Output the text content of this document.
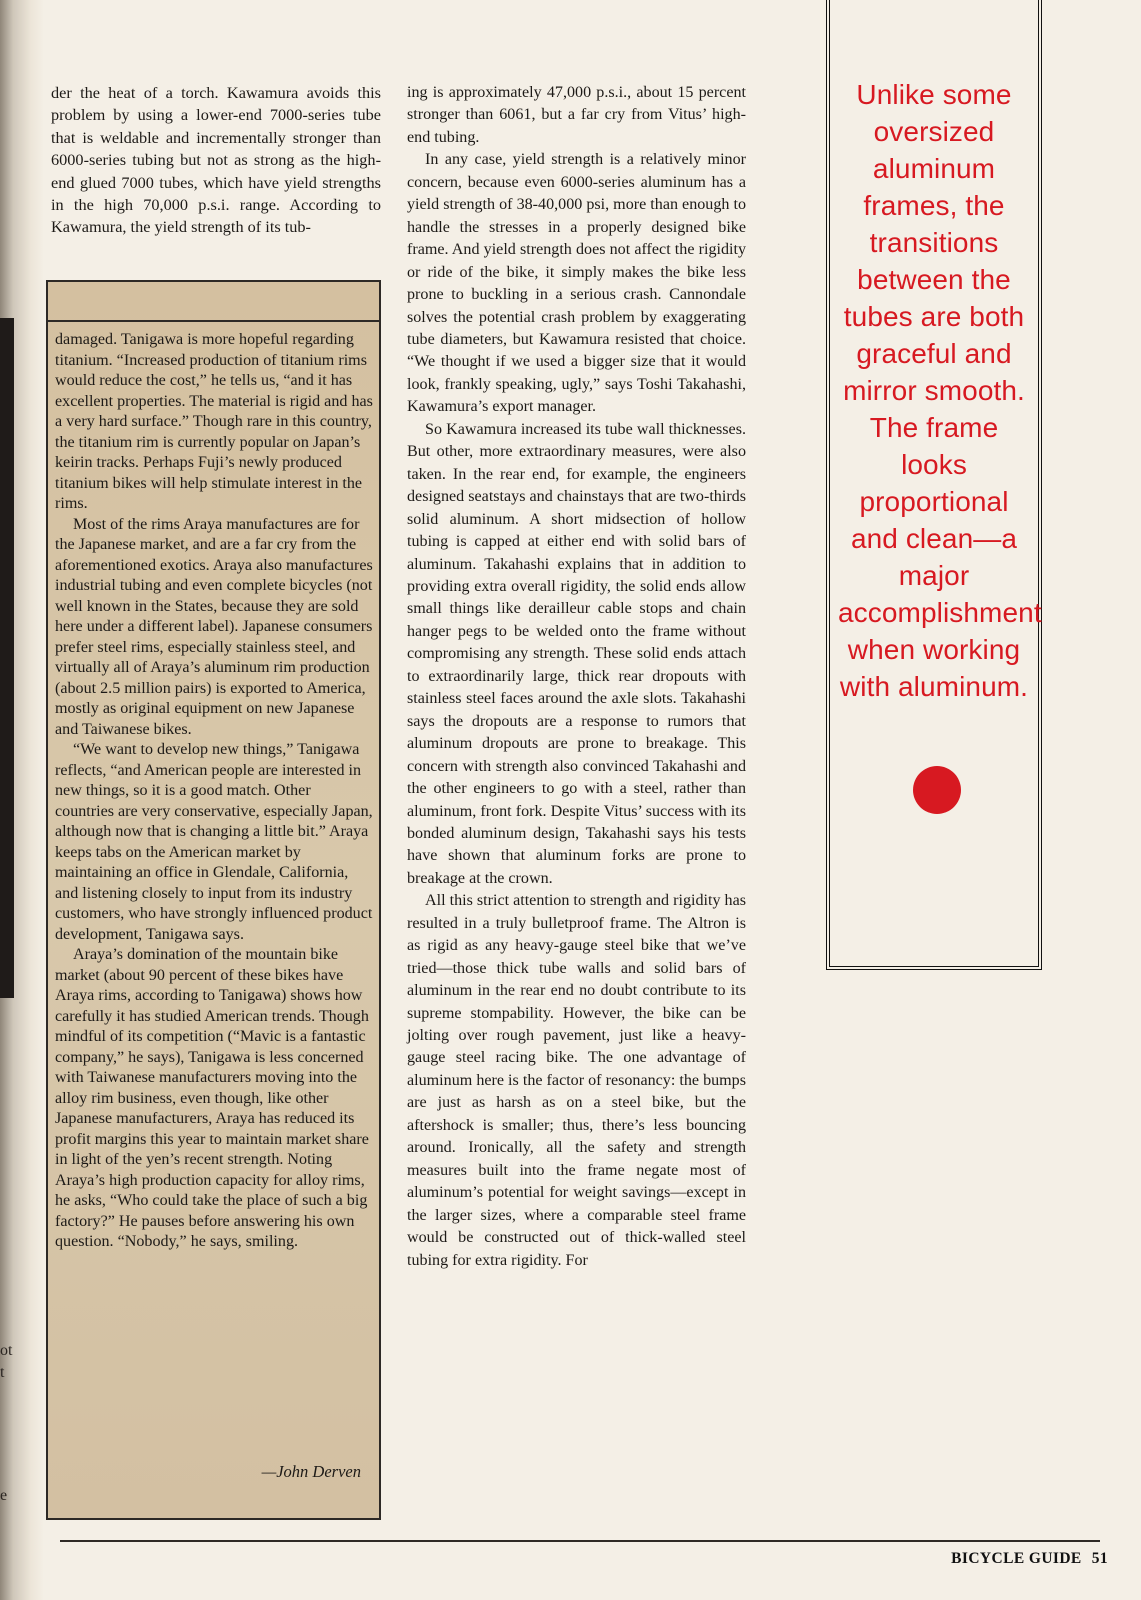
ot
t
e
der the heat of a torch. Kawamura avoids this problem by using a lower-end 7000-series tube that is weldable and incrementally stronger than 6000-series tubing but not as strong as the high-end glued 7000 tubes, which have yield strengths in the high 70,000 p.s.i. range. According to Kawamura, the yield strength of its tub-

damaged. Tanigawa is more hopeful regarding titanium. “Increased production of titanium rims would reduce the cost,” he tells us, “and it has excellent properties. The material is rigid and has a very hard surface.” Though rare in this country, the titanium rim is currently popular on Japan’s keirin tracks. Perhaps Fuji’s newly produced titanium bikes will help stimulate interest in the rims.

Most of the rims Araya manufactures are for the Japanese market, and are a far cry from the aforementioned exotics. Araya also manufactures industrial tubing and even complete bicycles (not well known in the States, because they are sold here under a different label). Japanese consumers prefer steel rims, especially stainless steel, and virtually all of Araya’s aluminum rim production (about 2.5 million pairs) is exported to America, mostly as original equipment on new Japanese and Taiwanese bikes.

“We want to develop new things,” Tanigawa reflects, “and American people are interested in new things, so it is a good match. Other countries are very conservative, especially Japan, although now that is changing a little bit.” Araya keeps tabs on the American market by maintaining an office in Glendale, California, and listening closely to input from its industry customers, who have strongly influenced product development, Tanigawa says.

Araya’s domination of the mountain bike market (about 90 percent of these bikes have Araya rims, according to Tanigawa) shows how carefully it has studied American trends. Though mindful of its competition (“Mavic is a fantastic company,” he says), Tanigawa is less concerned with Taiwanese manufacturers moving into the alloy rim business, even though, like other Japanese manufacturers, Araya has reduced its profit margins this year to maintain market share in light of the yen’s recent strength. Noting Araya’s high production capacity for alloy rims, he asks, “Who could take the place of such a big factory?” He pauses before answering his own question. “Nobody,” he says, smiling.

—John Derven

ing is approximately 47,000 p.s.i., about 15 percent stronger than 6061, but a far cry from Vitus’ high-end tubing.

In any case, yield strength is a relatively minor concern, because even 6000-series aluminum has a yield strength of 38-40,000 psi, more than enough to handle the stresses in a properly designed bike frame. And yield strength does not affect the rigidity or ride of the bike, it simply makes the bike less prone to buckling in a serious crash. Cannondale solves the potential crash problem by exaggerating tube diameters, but Kawamura resisted that choice. “We thought if we used a bigger size that it would look, frankly speaking, ugly,” says Toshi Takahashi, Kawamura’s export manager.

So Kawamura increased its tube wall thicknesses. But other, more extraordinary measures, were also taken. In the rear end, for example, the engineers designed seatstays and chainstays that are two-thirds solid aluminum. A short midsection of hollow tubing is capped at either end with solid bars of aluminum. Takahashi explains that in addition to providing extra overall rigidity, the solid ends allow small things like derailleur cable stops and chain hanger pegs to be welded onto the frame without compromising any strength. These solid ends attach to extraordinarily large, thick rear dropouts with stainless steel faces around the axle slots. Takahashi says the dropouts are a response to rumors that aluminum dropouts are prone to breakage. This concern with strength also convinced Takahashi and the other engineers to go with a steel, rather than aluminum, front fork. Despite Vitus’ success with its bonded aluminum design, Takahashi says his tests have shown that aluminum forks are prone to breakage at the crown.

All this strict attention to strength and rigidity has resulted in a truly bulletproof frame. The Altron is as rigid as any heavy-gauge steel bike that we’ve tried—those thick tube walls and solid bars of aluminum in the rear end no doubt contribute to its supreme stompability. However, the bike can be jolting over rough pavement, just like a heavy-gauge steel racing bike. The one advantage of aluminum here is the factor of resonancy: the bumps are just as harsh as on a steel bike, but the aftershock is smaller; thus, there’s less bouncing around. Ironically, all the safety and strength measures built into the frame negate most of aluminum’s potential for weight savings—except in the larger sizes, where a comparable steel frame would be constructed out of thick-walled steel tubing for extra rigidity. For

Unlike some oversized aluminum frames, the transitions between the tubes are both graceful and mirror smooth. The frame looks proportional and clean—a major accomplishment when working with aluminum.
BICYCLE GUIDE 51
